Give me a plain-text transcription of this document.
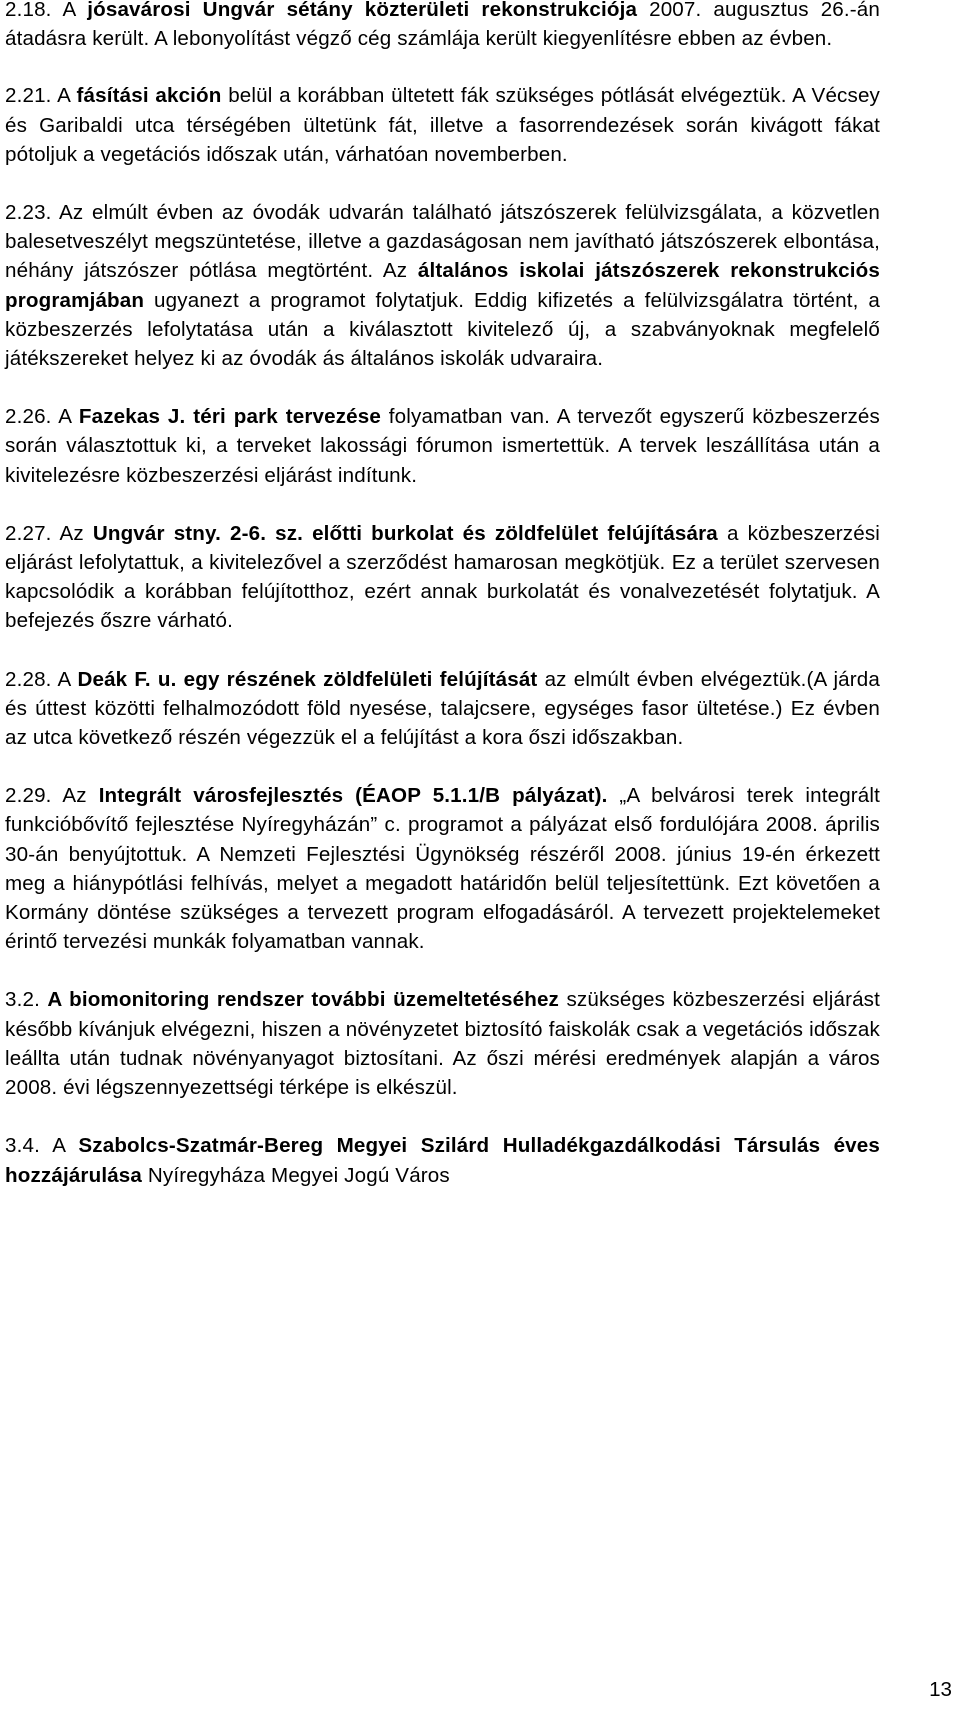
2.18. A jósavárosi Ungvár sétány közterületi rekonstrukciója 2007. augusztus 26.-án átadásra került. A lebonyolítást végző cég számlája került kiegyenlítésre ebben az évben.

2.21. A fásítási akción belül a korábban ültetett fák szükséges pótlását elvégeztük. A Vécsey és Garibaldi utca térségében ültetünk fát, illetve a fasorrendezések során kivágott fákat pótoljuk a vegetációs időszak után, várhatóan novemberben.

2.23. Az elmúlt évben az óvodák udvarán található játszószerek felülvizsgálata, a közvetlen balesetveszélyt megszüntetése, illetve a gazdaságosan nem javítható játszószerek elbontása, néhány játszószer pótlása megtörtént. Az általános iskolai játszószerek rekonstrukciós programjában ugyanezt a programot folytatjuk. Eddig kifizetés a felülvizsgálatra történt, a közbeszerzés lefolytatása után a kiválasztott kivitelező új, a szabványoknak megfelelő játékszereket helyez ki az óvodák ás általános iskolák udvaraira.

2.26. A Fazekas J. téri park tervezése folyamatban van. A tervezőt egyszerű közbeszerzés során választottuk ki, a terveket lakossági fórumon ismertettük. A tervek leszállítása után a kivitelezésre közbeszerzési eljárást indítunk.

2.27. Az Ungvár stny. 2-6. sz. előtti burkolat és zöldfelület felújítására a közbeszerzési eljárást lefolytattuk, a kivitelezővel a szerződést hamarosan megkötjük. Ez a terület szervesen kapcsolódik a korábban felújítotthoz, ezért annak burkolatát és vonalvezetését folytatjuk. A befejezés őszre várható.

2.28. A Deák F. u. egy részének zöldfelületi felújítását az elmúlt évben elvégeztük.(A járda és úttest közötti felhalmozódott föld nyesése, talajcsere, egységes fasor ültetése.) Ez évben az utca következő részén végezzük el a felújítást a kora őszi időszakban.

2.29. Az Integrált városfejlesztés (ÉAOP 5.1.1/B pályázat). „A belvárosi terek integrált funkcióbővítő fejlesztése Nyíregyházán” c. programot a pályázat első fordulójára 2008. április 30-án benyújtottuk. A Nemzeti Fejlesztési Ügynökség részéről 2008. június 19-én érkezett meg a hiánypótlási felhívás, melyet a megadott határidőn belül teljesítettünk. Ezt követően a Kormány döntése szükséges a tervezett program elfogadásáról. A tervezett projektelemeket érintő tervezési munkák folyamatban vannak.

3.2. A biomonitoring rendszer további üzemeltetéséhez szükséges közbeszerzési eljárást később kívánjuk elvégezni, hiszen a növényzetet biztosító faiskolák csak a vegetációs időszak leállta után tudnak növényanyagot biztosítani. Az őszi mérési eredmények alapján a város 2008. évi légszennyezettségi térképe is elkészül.

3.4. A Szabolcs-Szatmár-Bereg Megyei Szilárd Hulladékgazdálkodási Társulás éves hozzájárulása Nyíregyháza Megyei Jogú Város

13
